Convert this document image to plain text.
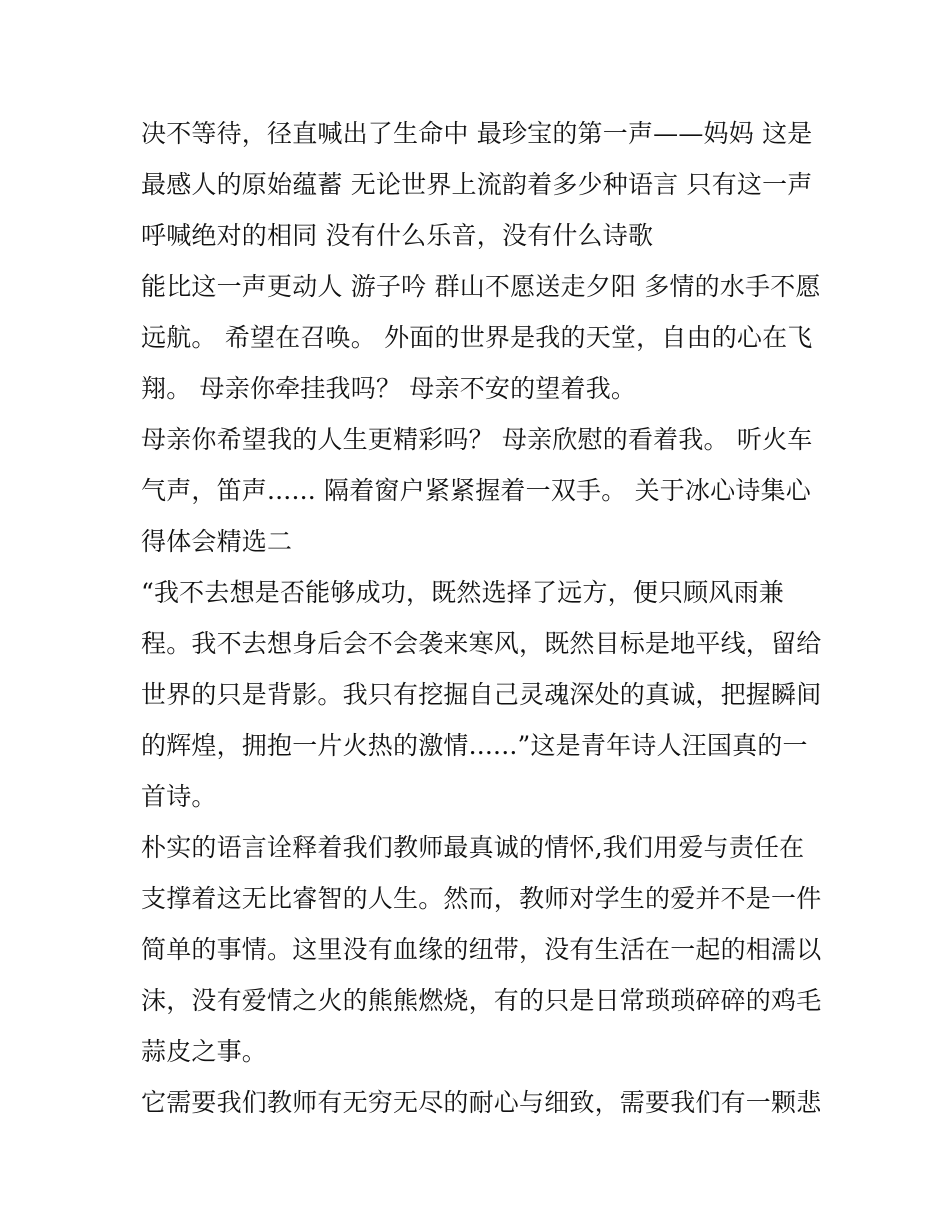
决不等待，径直喊出了生命中 最珍宝的第一声——妈妈 这是
最感人的原始蕴蓄 无论世界上流韵着多少种语言 只有这一声
呼喊绝对的相同 没有什么乐音，没有什么诗歌
能比这一声更动人 游子吟 群山不愿送走夕阳 多情的水手不愿
远航。 希望在召唤。 外面的世界是我的天堂，自由的心在飞
翔。 母亲你牵挂我吗？ 母亲不安的望着我。
母亲你希望我的人生更精彩吗？ 母亲欣慰的看着我。 听火车
气声，笛声...... 隔着窗户紧紧握着一双手。 关于冰心诗集心
得体会精选二
“我不去想是否能够成功，既然选择了远方，便只顾风雨兼
程。我不去想身后会不会袭来寒风，既然目标是地平线，留给
世界的只是背影。我只有挖掘自己灵魂深处的真诚，把握瞬间
的辉煌，拥抱一片火热的激情......”这是青年诗人汪国真的一
首诗。
朴实的语言诠释着我们教师最真诚的情怀,我们用爱与责任在
支撑着这无比睿智的人生。然而，教师对学生的爱并不是一件
简单的事情。这里没有血缘的纽带，没有生活在一起的相濡以
沫，没有爱情之火的熊熊燃烧，有的只是日常琐琐碎碎的鸡毛
蒜皮之事。
它需要我们教师有无穷无尽的耐心与细致，需要我们有一颗悲
